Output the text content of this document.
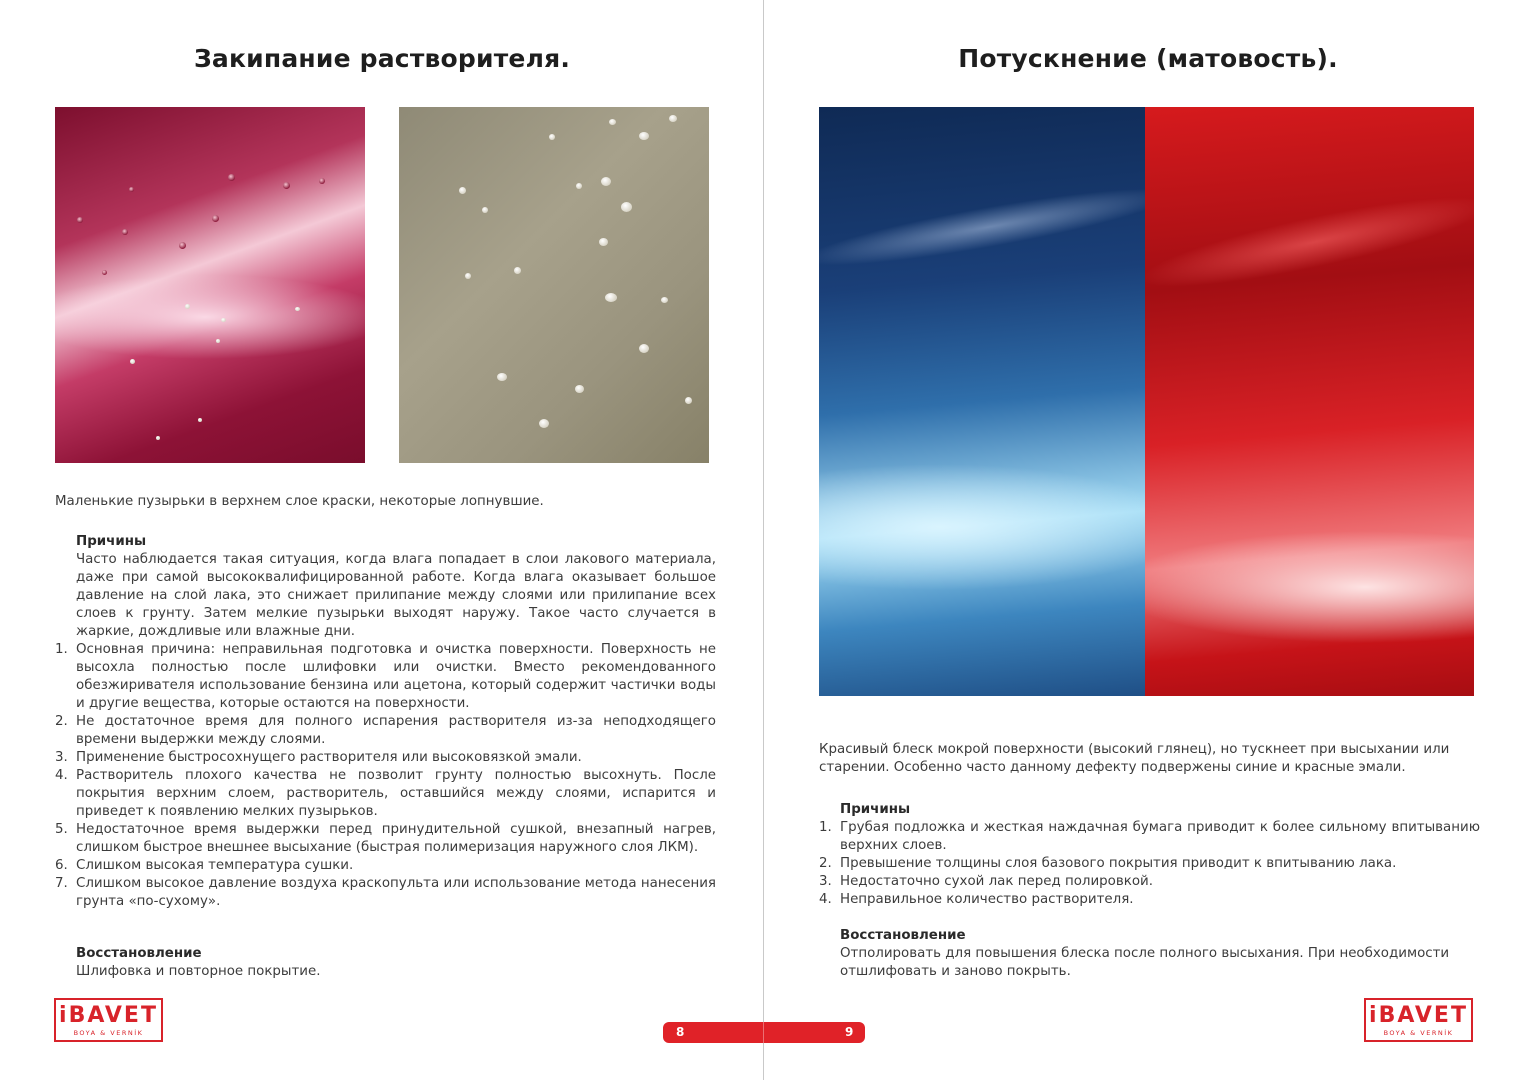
Закипание растворителя.

Маленькие пузырьки в верхнем слое краски, некоторые лопнувшие.

Причины

Часто наблюдается такая ситуация, когда влага попадает в слои лакового материала, даже при самой высококвалифицированной работе. Когда влага оказывает большое давление на слой лака, это снижает прилипание между слоями или прилипание всех слоев к грунту. Затем мелкие пузырьки выходят наружу. Такое часто случается в жаркие, дождливые или влажные дни.

1. Основная причина: неправильная подготовка и очистка поверхности. Поверхность не высохла полностью после шлифовки или очистки. Вместо рекомендованного обезжиривателя использование бензина или ацетона, который содержит частички воды и другие вещества, которые остаются на поверхности.
2. Не достаточное время для полного испарения растворителя из-за неподходящего времени выдержки между слоями.
3. Применение быстросохнущего растворителя или высоковязкой эмали.
4. Растворитель плохого качества не позволит грунту полностью высохнуть. После покрытия верхним слоем, растворитель, оставшийся между слоями, испарится и приведет к появлению мелких пузырьков.
5. Недостаточное время выдержки перед принудительной сушкой, внезапный нагрев, слишком быстрое внешнее высыхание (быстрая полимеризация наружного слоя ЛКМ).
6. Слишком высокая температура сушки.
7. Слишком высокое давление воздуха краскопульта или использование метода нанесения грунта «по-сухому».
Восстановление

Шлифовка и повторное покрытие.

iBAVET
BOYA & VERNİK
Потускнение (матовость).

Красивый блеск мокрой поверхности (высокий глянец), но тускнеет при высыхании или старении. Особенно часто данному дефекту подвержены синие и красные эмали.

Причины
1. Грубая подложка и жесткая наждачная бумага приводит к более сильному впитыванию верхних слоев.
2. Превышение толщины слоя базового покрытия приводит к впитыванию лака.
3. Недостаточно сухой лак перед полировкой.
4. Неправильное количество растворителя.
Восстановление

Отполировать для повышения блеска после полного высыхания. При необходимости отшлифовать и заново покрыть.

iBAVET
BOYA & VERNİK
8	9
